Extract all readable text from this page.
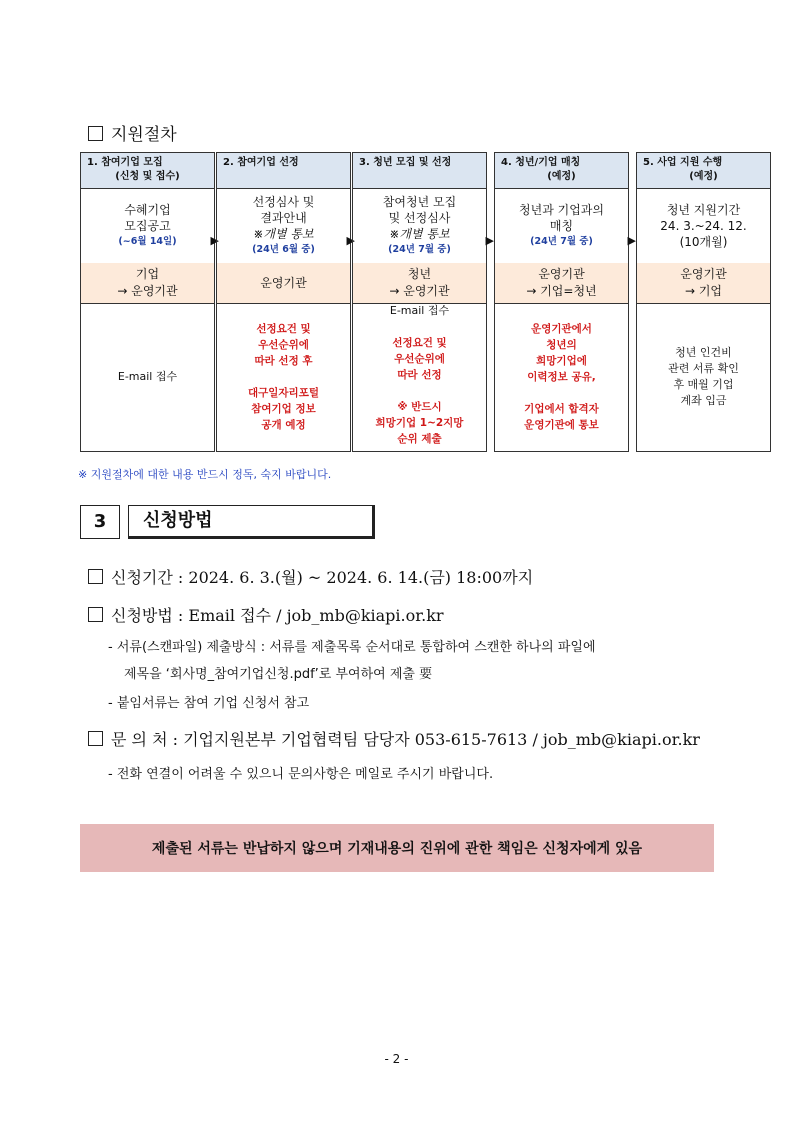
지원절차
1. 참여기업 모집
(신청 및 접수)
수혜기업
모집공고
(~6월 14일)
기업
→ 운영기관
E-mail 접수
▶
2. 참여기업 선정
선정심사 및
결과안내
※개별 통보
(24년 6월 중)
운영기관
선정요건 및
우선순위에
따라 선정 후

대구일자리포털
참여기업 정보
공개 예정
▶
3. 청년 모집 및 선정
참여청년 모집
및 선정심사
※개별 통보
(24년 7월 중)
청년
→ 운영기관
E-mail 접수

선정요건 및
우선순위에
따라 선정

※ 반드시
희망기업 1~2지망
순위 제출
▶
4. 청년/기업 매칭
(예정)
청년과 기업과의
매칭
(24년 7월 중)
운영기관
→ 기업=청년
운영기관에서
청년의
희망기업에
이력정보 공유,

기업에서 합격자
운영기관에 통보
▶
5. 사업 지원 수행
(예정)
청년 지원기간
24. 3.~24. 12.
(10개월)
운영기관
→ 기업
청년 인건비
관련 서류 확인
후 매월 기업
계좌 입금
※ 지원절차에 대한 내용 반드시 정독, 숙지 바랍니다.
3	신청방법
신청기간 : 2024. 6. 3.(월) ~ 2024. 6. 14.(금) 18:00까지
신청방법 : Email 접수 / job_mb@kiapi.or.kr
- 서류(스캔파일) 제출방식 : 서류를 제출목록 순서대로 통합하여 스캔한 하나의 파일에
제목을 ‘회사명_참여기업신청.pdf’로 부여하여 제출 要
- 붙임서류는 참여 기업 신청서 참고
문 의 처 : 기업지원본부 기업협력팀 담당자 053-615-7613 / job_mb@kiapi.or.kr
- 전화 연결이 어려울 수 있으니 문의사항은 메일로 주시기 바랍니다.
제출된 서류는 반납하지 않으며 기재내용의 진위에 관한 책임은 신청자에게 있음
- 2 -
